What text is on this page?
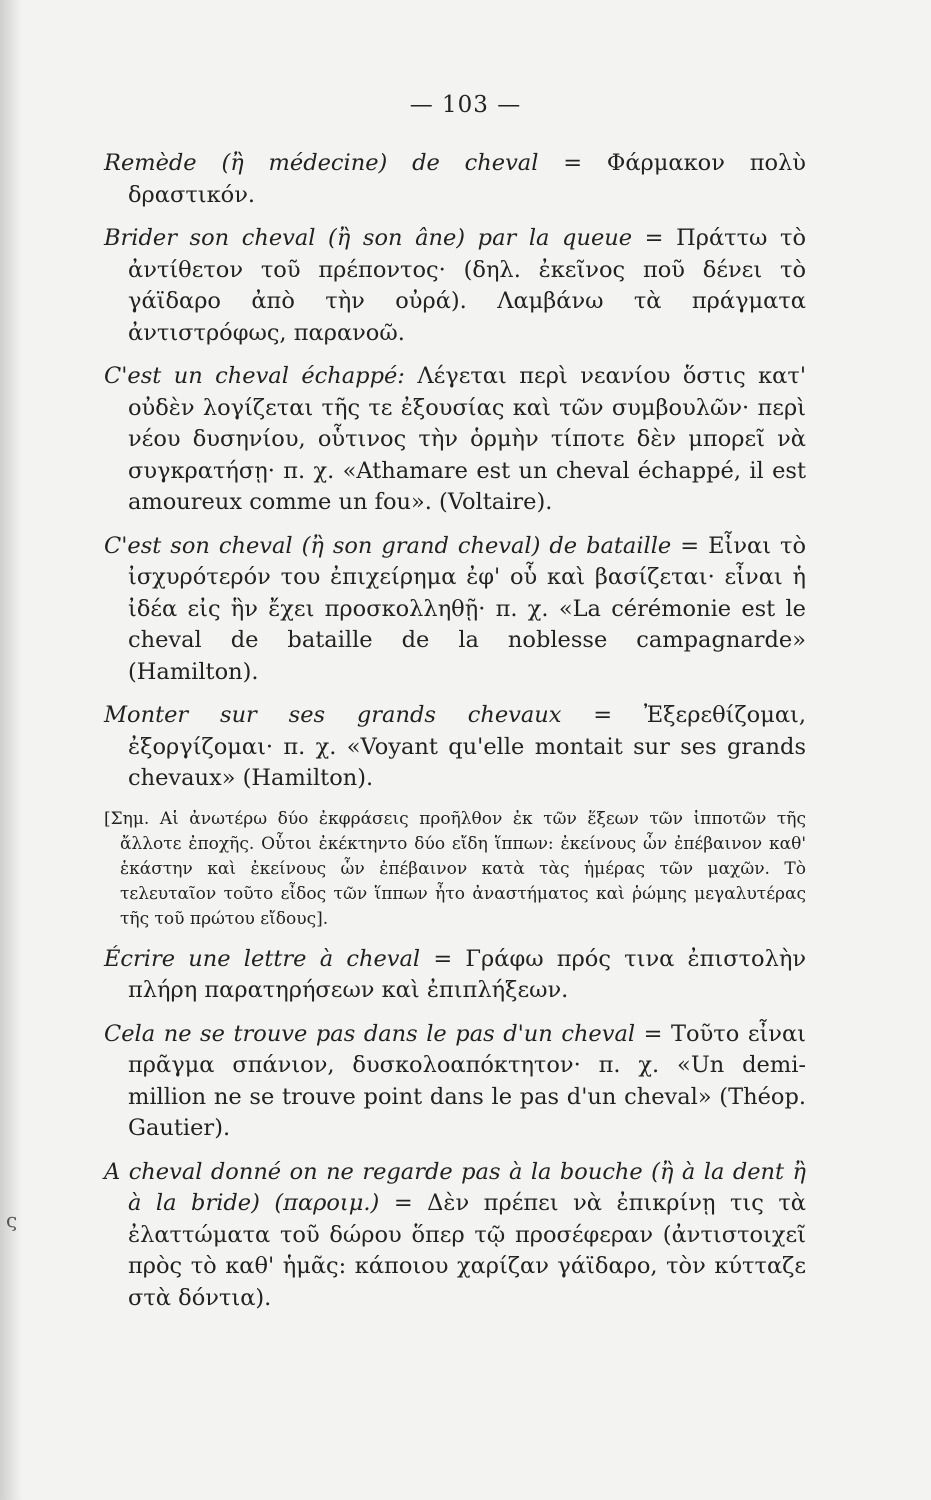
ς
— 103 —

Remède (ἢ médecine) de cheval = Φάρμακον πολὺ δραστικόν.

Brider son cheval (ἢ son âne) par la queue = Πράττω τὸ ἀντίθετον τοῦ πρέποντος· (δηλ. ἐκεῖνος ποῦ δένει τὸ γάϊδαρο ἀπὸ τὴν οὐρά). Λαμβάνω τὰ πράγματα ἀντιστρόφως, παρανοῶ.

C'est un cheval échappé: Λέγεται περὶ νεανίου ὅστις κατ' οὐδὲν λογίζεται τῆς τε ἐξουσίας καὶ τῶν συμβουλῶν· περὶ νέου δυσηνίου, οὗτινος τὴν ὁρμὴν τίποτε δὲν μπορεῖ νὰ συγκρατήσῃ· π. χ. «Athamare est un cheval échappé, il est amoureux comme un fou». (Voltaire).

C'est son cheval (ἢ son grand cheval) de bataille = Εἶναι τὸ ἰσχυρότερόν του ἐπιχείρημα ἐφ' οὗ καὶ βασίζεται· εἶναι ἡ ἰδέα εἰς ἣν ἔχει προσκολληθῇ· π. χ. «La cérémonie est le cheval de bataille de la noblesse campagnarde» (Hamilton).

Monter sur ses grands chevaux = Ἐξερεθίζομαι, ἐξοργίζομαι· π. χ. «Voyant qu'elle montait sur ses grands chevaux» (Hamilton).

[Σημ. Αἱ ἀνωτέρω δύο ἐκφράσεις προῆλθον ἐκ τῶν ἕξεων τῶν ἱπποτῶν τῆς ἄλλοτε ἐποχῆς. Οὗτοι ἐκέκτηντο δύο εἴδη ἵππων: ἐκείνους ὧν ἐπέβαινον καθ' ἑκάστην καὶ ἐκείνους ὧν ἐπέβαινον κατὰ τὰς ἡμέρας τῶν μαχῶν. Τὸ τελευταῖον τοῦτο εἶδος τῶν ἵππων ἦτο ἀναστήματος καὶ ῥώμης μεγαλυτέρας τῆς τοῦ πρώτου εἴδους].

Écrire une lettre à cheval = Γράφω πρός τινα ἐπιστολὴν πλήρη παρατηρήσεων καὶ ἐπιπλήξεων.

Cela ne se trouve pas dans le pas d'un cheval = Τοῦτο εἶναι πρᾶγμα σπάνιον, δυσκολοαπόκτητον· π. χ. «Un demi-million ne se trouve point dans le pas d'un cheval» (Théop. Gautier).

A cheval donné on ne regarde pas à la bouche (ἢ à la dent ἢ à la bride) (παροιμ.) = Δὲν πρέπει νὰ ἐπικρίνῃ τις τὰ ἐλαττώματα τοῦ δώρου ὅπερ τῷ προσέφεραν (ἀντιστοιχεῖ πρὸς τὸ καθ' ἡμᾶς: κάποιου χαρίζαν γάϊδαρο, τὸν κύτταζε στὰ δόντια).
